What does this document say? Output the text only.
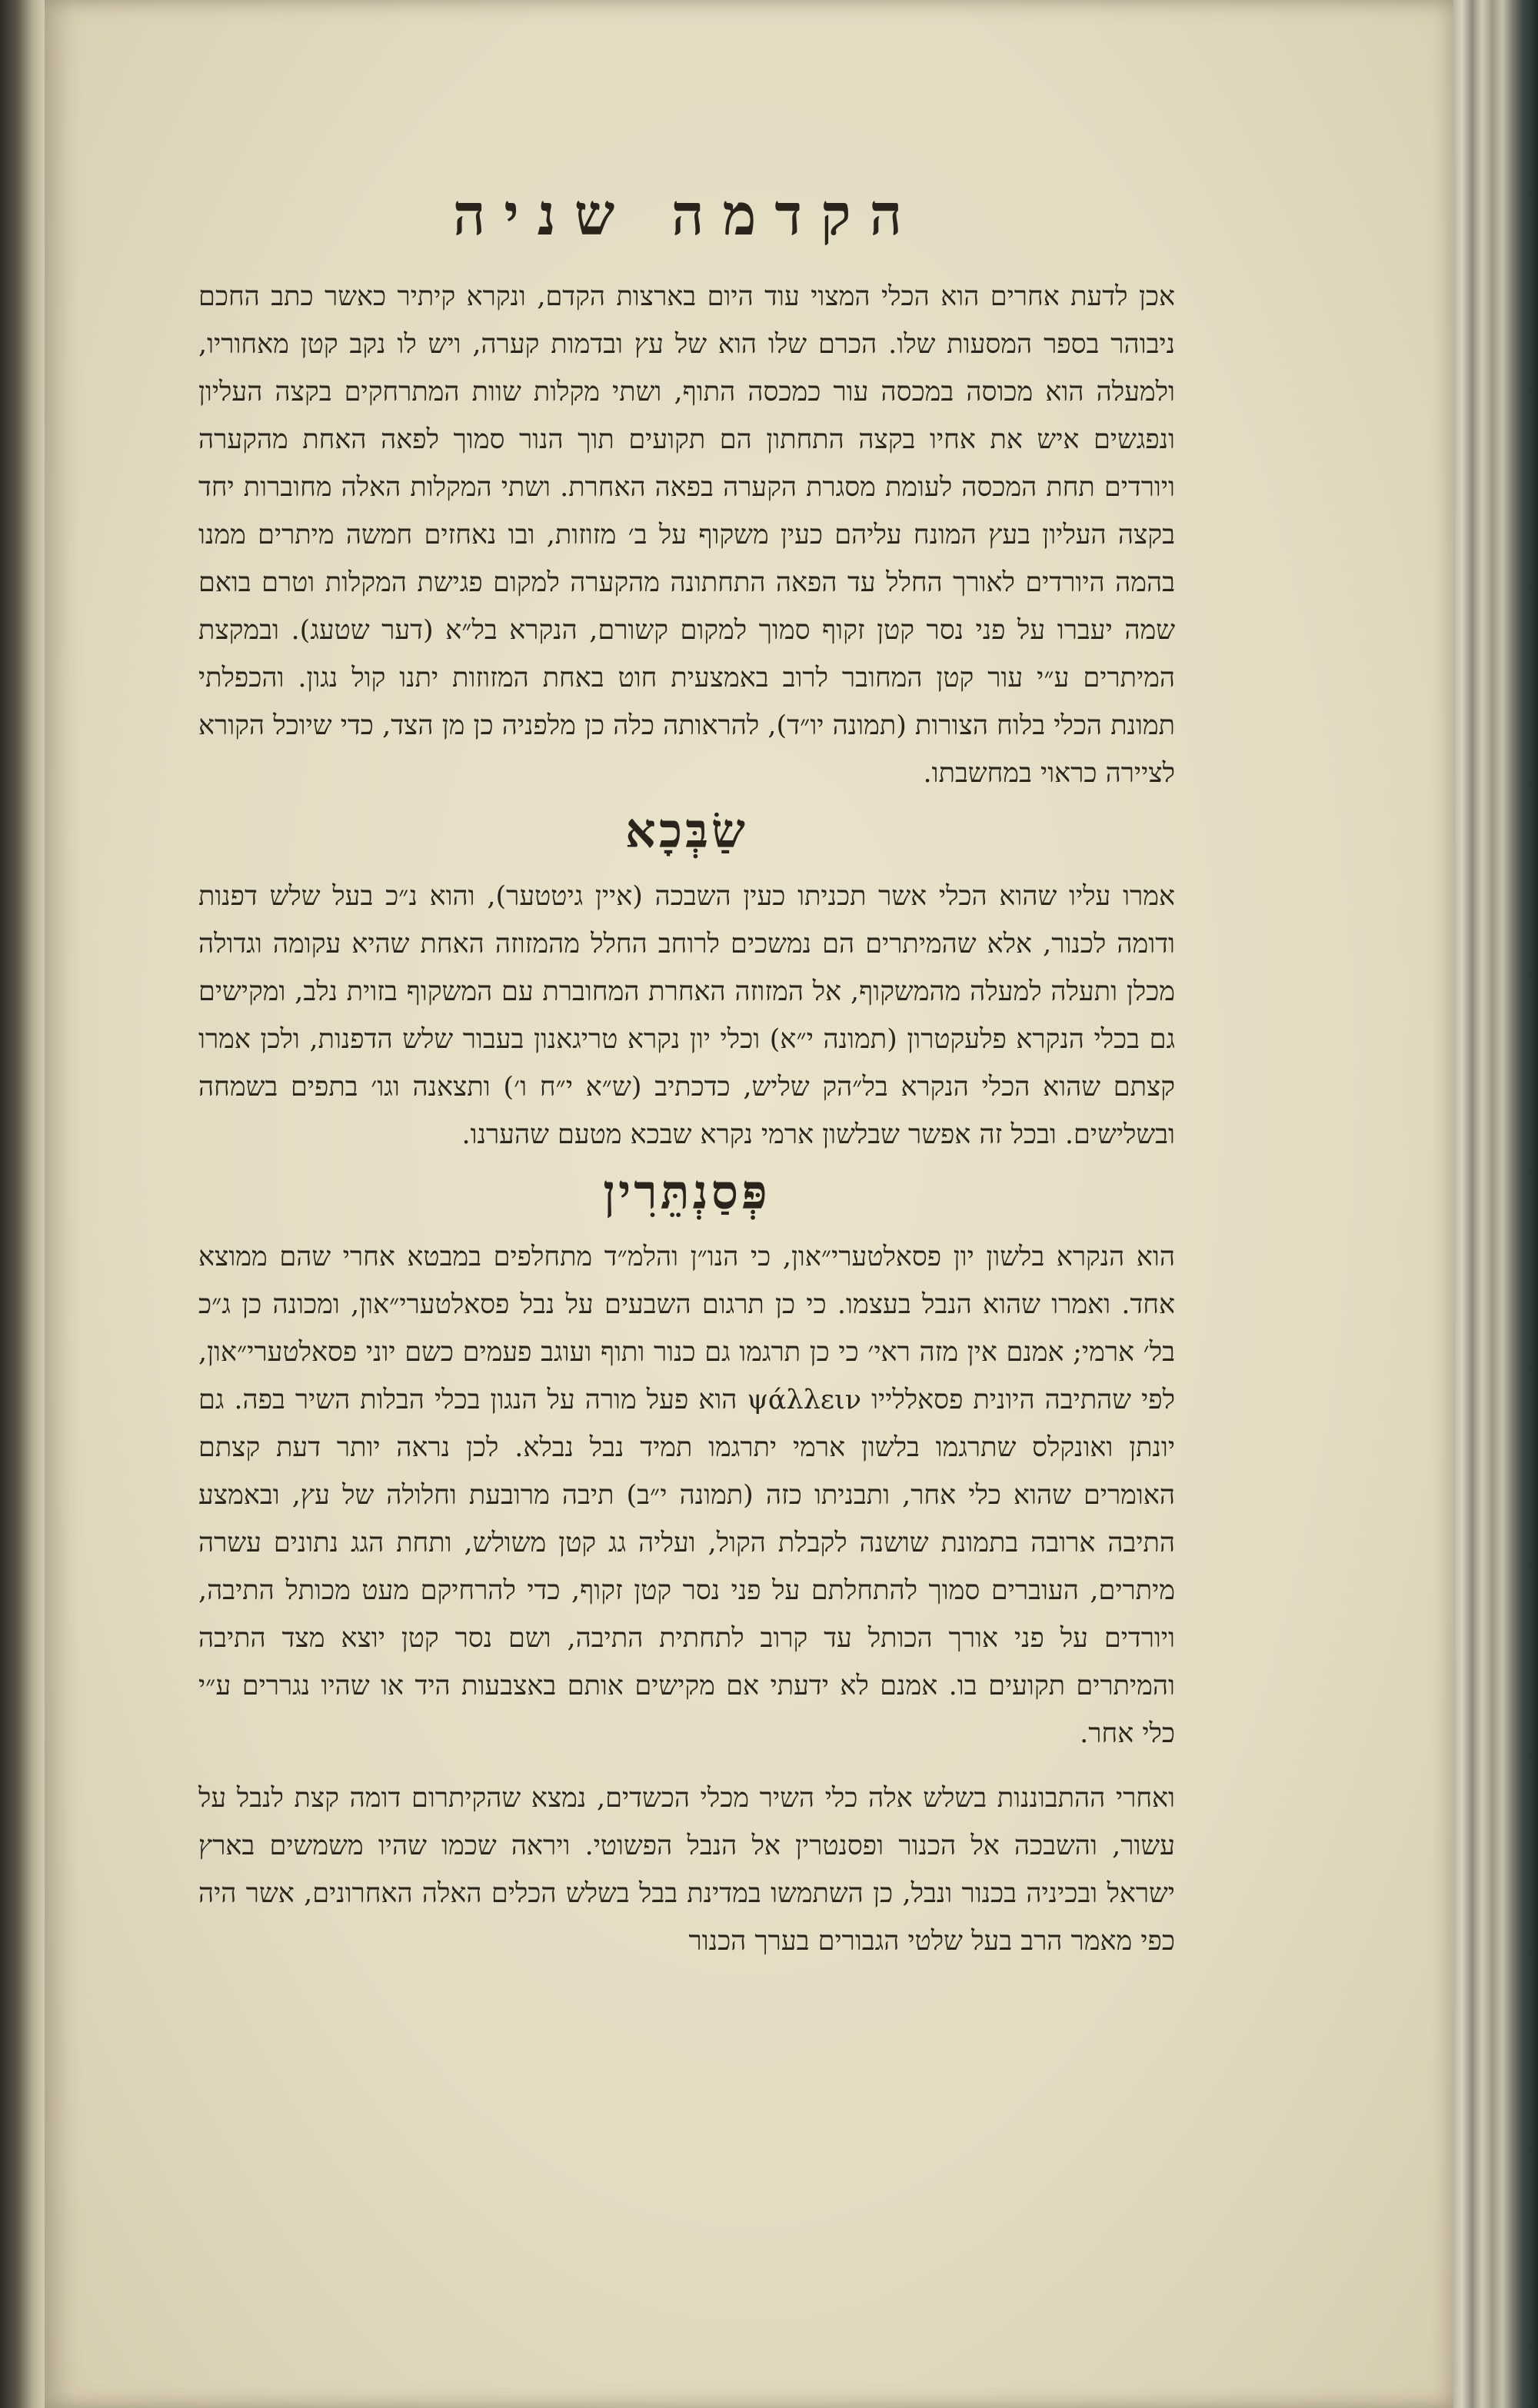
הקדמה שניה

אכן לדעת אחרים הוא הכלי המצוי עוד היום בארצות הקדם, ונקרא קיתיר כאשר כתב החכם ניבוהר בספר המסעות שלו. הכרם שלו הוא של עץ ובדמות קערה, ויש לו נקב קטן מאחוריו, ולמעלה הוא מכוסה במכסה עור כמכסה התוף, ושתי מקלות שוות המתרחקים בקצה העליון ונפגשים איש את אחיו בקצה התחתון הם תקועים תוך הנור סמוך לפאה האחת מהקערה ויורדים תחת המכסה לעומת מסגרת הקערה בפאה האחרת. ושתי המקלות האלה מחוברות יחד בקצה העליון בעץ המונח עליהם כעין משקוף על ב׳ מזוזות, ובו נאחזים חמשה מיתרים ממנו בהמה היורדים לאורך החלל עד הפאה התחתונה מהקערה למקום פגישת המקלות וטרם בואם שמה יעברו על פני נסר קטן זקוף סמוך למקום קשורם, הנקרא בל״א (דער שטעג). ובמקצת המיתרים ע״י עור קטן המחובר לרוב באמצעית חוט באחת המזוזות יתנו קול נגון. והכפלתי תמונת הכלי בלוח הצורות (תמונה יו״ד), להראותה כלה כן מלפניה כן מן הצד, כדי שיוכל הקורא לציירה כראוי במחשבתו.

שַׂבְּכָא

אמרו עליו שהוא הכלי אשר תכניתו כעין השבכה (איין גיטטער), והוא נ״כ בעל שלש דפנות ודומה לכנור, אלא שהמיתרים הם נמשכים לרוחב החלל מהמזוזה האחת שהיא עקומה וגדולה מכלן ותעלה למעלה מהמשקוף, אל המזוזה האחרת המחוברת עם המשקוף בזוית נלב, ומקישים גם בכלי הנקרא פלעקטרון (תמונה י״א) וכלי יון נקרא טריגאנון בעבור שלש הדפנות, ולכן אמרו קצתם שהוא הכלי הנקרא בל״הק שליש, כדכתיב (ש״א י״ח ו׳) ותצאנה וגו׳ בתפים בשמחה ובשלישים. ובכל זה אפשר שבלשון ארמי נקרא שבכא מטעם שהערנו.

פְּסַנְתֵּרִין

הוא הנקרא בלשון יון פסאלטערי״און, כי הנו״ן והלמ״ד מתחלפים במבטא אחרי שהם ממוצא אחד. ואמרו שהוא הנבל בעצמו. כי כן תרגום השבעים על נבל פסאלטערי״און, ומכונה כן ג״כ בל׳ ארמי; אמנם אין מזה ראי׳ כי כן תרגמו גם כנור ותוף ועוגב פעמים כשם יוני פסאלטערי״און, לפי שהתיבה היונית פסאללייו ψάλλειν הוא פעל מורה על הנגון בכלי הבלות השיר בפה. גם יונתן ואונקלס שתרגמו בלשון ארמי יתרגמו תמיד נבל נבלא. לכן נראה יותר דעת קצתם האומרים שהוא כלי אחר, ותבניתו כזה (תמונה י״ב) תיבה מרובעת וחלולה של עץ, ובאמצע התיבה ארובה בתמונת שושנה לקבלת הקול, ועליה גג קטן משולש, ותחת הגג נתונים עשרה מיתרים, העוברים סמוך להתחלתם על פני נסר קטן זקוף, כדי להרחיקם מעט מכותל התיבה, ויורדים על פני אורך הכותל עד קרוב לתחתית התיבה, ושם נסר קטן יוצא מצד התיבה והמיתרים תקועים בו. אמנם לא ידעתי אם מקישים אותם באצבעות היד או שהיו נגררים ע״י כלי אחר.

ואחרי ההתבוננות בשלש אלה כלי השיר מכלי הכשדים, נמצא שהקיתרום דומה קצת לנבל על עשור, והשבכה אל הכנור ופסנטרין אל הנבל הפשוטי. ויראה שכמו שהיו משמשים בארץ ישראל ובכיניה בכנור ונבל, כן השתמשו במדינת בבל בשלש הכלים האלה האחרונים, אשר היה כפי מאמר הרב בעל שלטי הגבורים בערך הכנור
